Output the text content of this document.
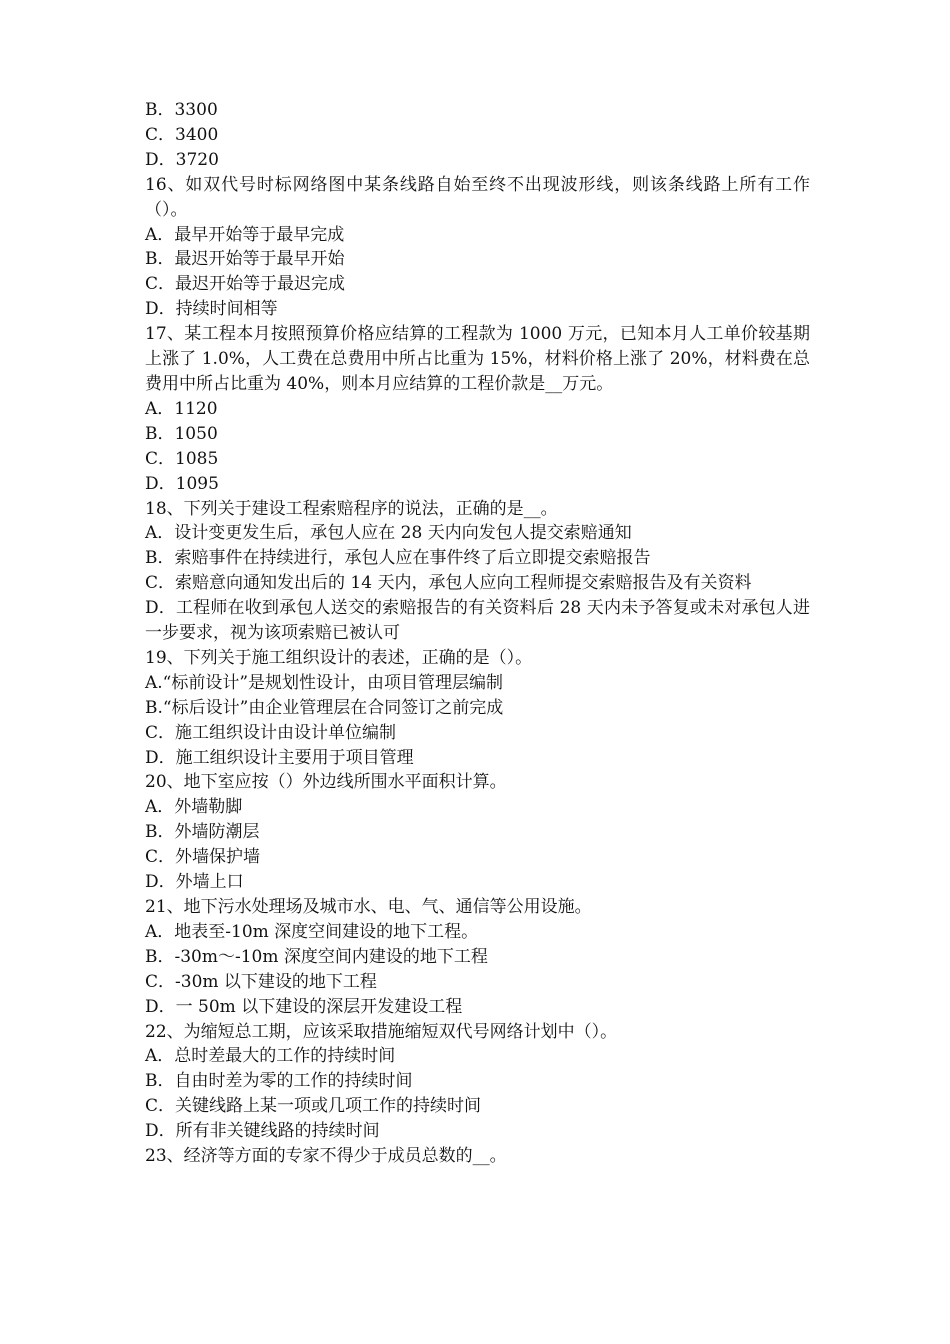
B．3300

C．3400

D．3720

16、如双代号时标网络图中某条线路自始至终不出现波形线，则该条线路上所有工作（）。

A．最早开始等于最早完成

B．最迟开始等于最早开始

C．最迟开始等于最迟完成

D．持续时间相等

17、某工程本月按照预算价格应结算的工程款为 1000 万元，已知本月人工单价较基期上涨了 1.0%，人工费在总费用中所占比重为 15%，材料价格上涨了 20%，材料费在总费用中所占比重为 40%，则本月应结算的工程价款是__万元。

A．1120

B．1050

C．1085

D．1095

18、下列关于建设工程索赔程序的说法，正确的是__。

A．设计变更发生后，承包人应在 28 天内向发包人提交索赔通知

B．索赔事件在持续进行，承包人应在事件终了后立即提交索赔报告

C．索赔意向通知发出后的 14 天内，承包人应向工程师提交索赔报告及有关资料

D．工程师在收到承包人送交的索赔报告的有关资料后 28 天内未予答复或未对承包人进一步要求，视为该项索赔已被认可

19、下列关于施工组织设计的表述，正确的是（）。

A.“标前设计”是规划性设计，由项目管理层编制

B.“标后设计”由企业管理层在合同签订之前完成

C．施工组织设计由设计单位编制

D．施工组织设计主要用于项目管理

20、地下室应按（）外边线所围水平面积计算。

A．外墙勒脚

B．外墙防潮层

C．外墙保护墙

D．外墙上口

21、地下污水处理场及城市水、电、气、通信等公用设施。

A．地表至-10m 深度空间建设的地下工程。

B．-30m～-10m 深度空间内建设的地下工程

C．-30m 以下建设的地下工程

D．一 50m 以下建设的深层开发建设工程

22、为缩短总工期，应该采取措施缩短双代号网络计划中（）。

A．总时差最大的工作的持续时间

B．自由时差为零的工作的持续时间

C．关键线路上某一项或几项工作的持续时间

D．所有非关键线路的持续时间

23、经济等方面的专家不得少于成员总数的__。
